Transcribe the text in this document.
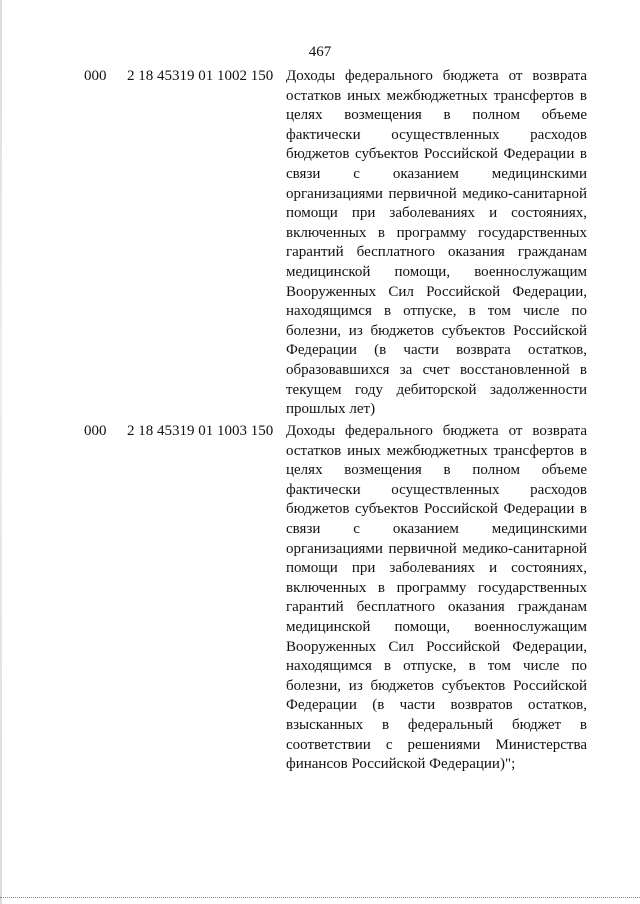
467
000 2 18 45319 01 1002 150 Доходы федерального бюджета от возврата
остатков иных межбюджетных трансфертов в
целях возмещения в полном объеме
фактически осуществленных расходов
бюджетов субъектов Российской Федерации в
связи с оказанием медицинскими
организациями первичной медико-санитарной
помощи при заболеваниях и состояниях,
включенных в программу государственных
гарантий бесплатного оказания гражданам
медицинской помощи, военнослужащим
Вооруженных Сил Российской Федерации,
находящимся в отпуске, в том числе по
болезни, из бюджетов субъектов Российской
Федерации (в части возврата остатков,
образовавшихся за счет восстановленной в
текущем году дебиторской задолженности
прошлых лет)
000 2 18 45319 01 1003 150 Доходы федерального бюджета от возврата
остатков иных межбюджетных трансфертов в
целях возмещения в полном объеме
фактически осуществленных расходов
бюджетов субъектов Российской Федерации в
связи с оказанием медицинскими
организациями первичной медико-санитарной
помощи при заболеваниях и состояниях,
включенных в программу государственных
гарантий бесплатного оказания гражданам
медицинской помощи, военнослужащим
Вооруженных Сил Российской Федерации,
находящимся в отпуске, в том числе по
болезни, из бюджетов субъектов Российской
Федерации (в части возвратов остатков,
взысканных в федеральный бюджет в
соответствии с решениями Министерства
финансов Российской Федерации)";
